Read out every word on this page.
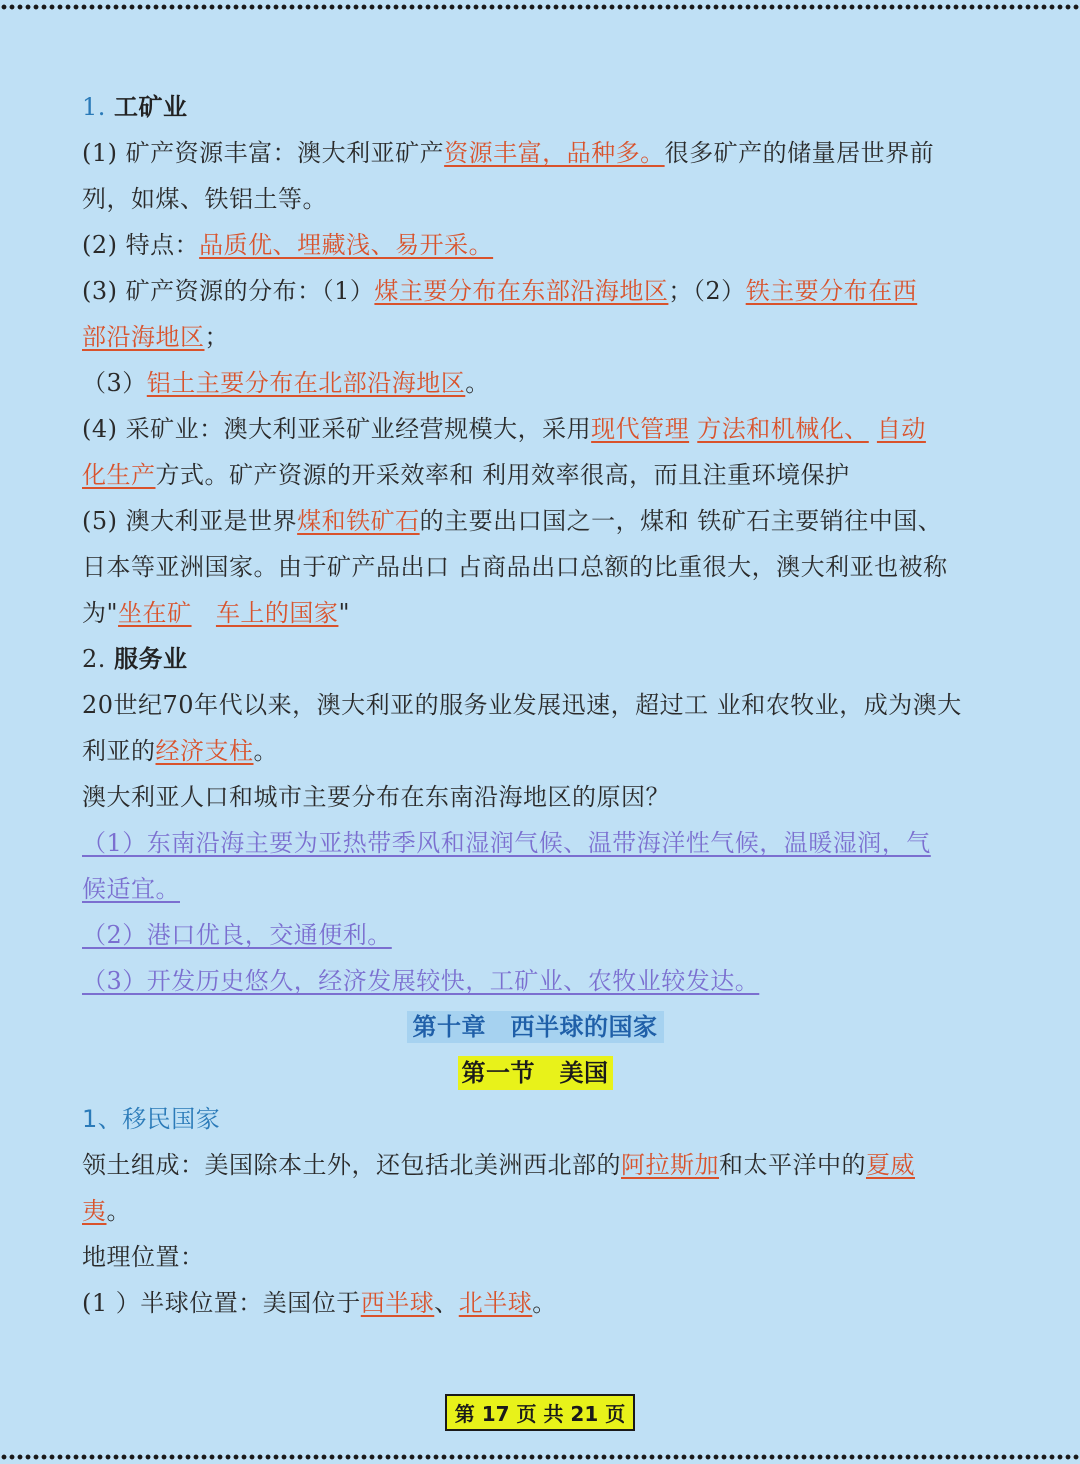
1. 工矿业
(1) 矿产资源丰富：澳大利亚矿产资源丰富，品种多。很多矿产的储量居世界前
列，如煤、铁铝土等。
(2) 特点：品质优、埋藏浅、易开采。
(3) 矿产资源的分布：（1）煤主要分布在东部沿海地区；（2）铁主要分布在西
部沿海地区；
（3）铝土主要分布在北部沿海地区。
(4) 采矿业：澳大利亚采矿业经营规模大，采用现代管理 方法和机械化、 自动
化生产方式。矿产资源的开采效率和 利用效率很高，而且注重环境保护
(5) 澳大利亚是世界煤和铁矿石的主要出口国之一，煤和 铁矿石主要销往中国、
日本等亚洲国家。由于矿产品出口 占商品出口总额的比重很大，澳大利亚也被称
为"坐在矿 车上的国家"
2. 服务业
20世纪70年代以来，澳大利亚的服务业发展迅速，超过工 业和农牧业，成为澳大
利亚的经济支柱。
澳大利亚人口和城市主要分布在东南沿海地区的原因？
（1）东南沿海主要为亚热带季风和湿润气候、温带海洋性气候，温暖湿润，气
候适宜。
（2）港口优良，交通便利。
（3）开发历史悠久，经济发展较快，工矿业、农牧业较发达。
第十章　西半球的国家
第一节　美国
1、移民国家
领土组成：美国除本土外，还包括北美洲西北部的阿拉斯加和太平洋中的夏威
夷。
地理位置：
(1 ）半球位置：美国位于西半球、北半球。
第 17 页 共 21 页
